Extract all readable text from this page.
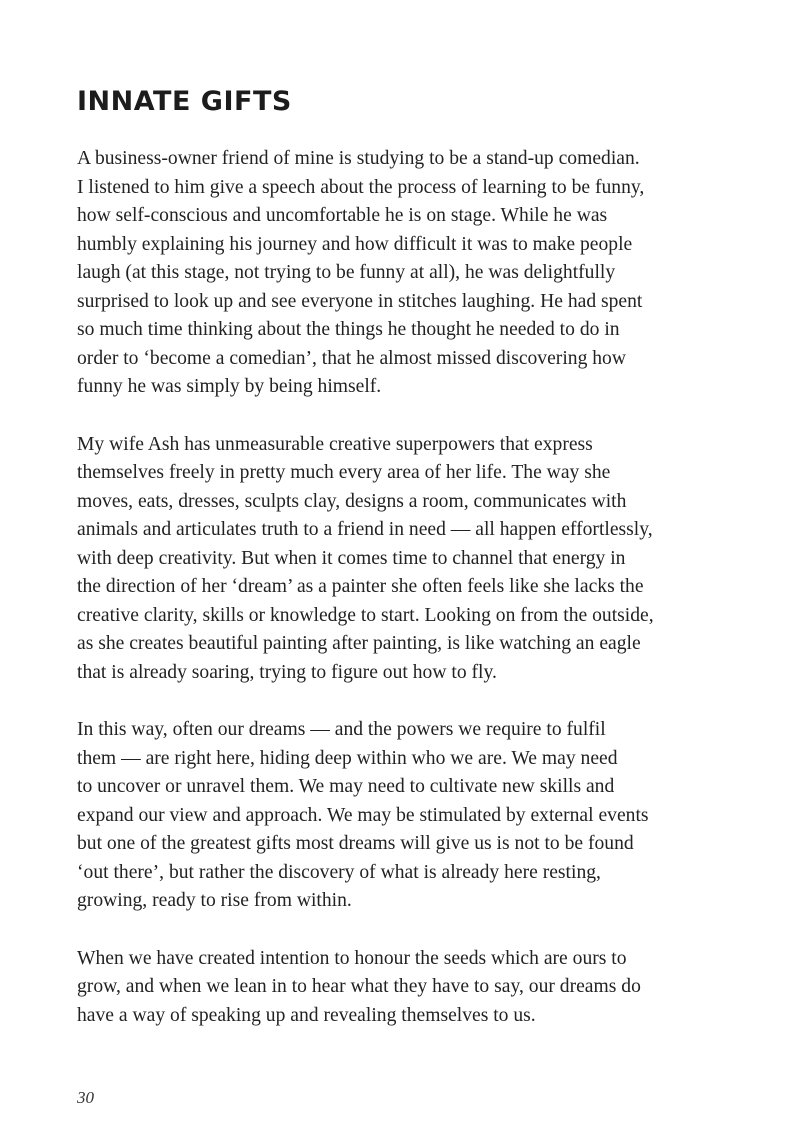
INNATE GIFTS

A business-owner friend of mine is studying to be a stand-up comedian.
I listened to him give a speech about the process of learning to be funny,
how self-conscious and uncomfortable he is on stage. While he was
humbly explaining his journey and how difficult it was to make people
laugh (at this stage, not trying to be funny at all), he was delightfully
surprised to look up and see everyone in stitches laughing. He had spent
so much time thinking about the things he thought he needed to do in
order to ‘become a comedian’, that he almost missed discovering how
funny he was simply by being himself.

My wife Ash has unmeasurable creative superpowers that express
themselves freely in pretty much every area of her life. The way she
moves, eats, dresses, sculpts clay, designs a room, communicates with
animals and articulates truth to a friend in need — all happen effortlessly,
with deep creativity. But when it comes time to channel that energy in
the direction of her ‘dream’ as a painter she often feels like she lacks the
creative clarity, skills or knowledge to start. Looking on from the outside,
as she creates beautiful painting after painting, is like watching an eagle
that is already soaring, trying to figure out how to fly.

In this way, often our dreams — and the powers we require to fulfil
them — are right here, hiding deep within who we are. We may need
to uncover or unravel them. We may need to cultivate new skills and
expand our view and approach. We may be stimulated by external events
but one of the greatest gifts most dreams will give us is not to be found
‘out there’, but rather the discovery of what is already here resting,
growing, ready to rise from within.

When we have created intention to honour the seeds which are ours to
grow, and when we lean in to hear what they have to say, our dreams do
have a way of speaking up and revealing themselves to us.

30
